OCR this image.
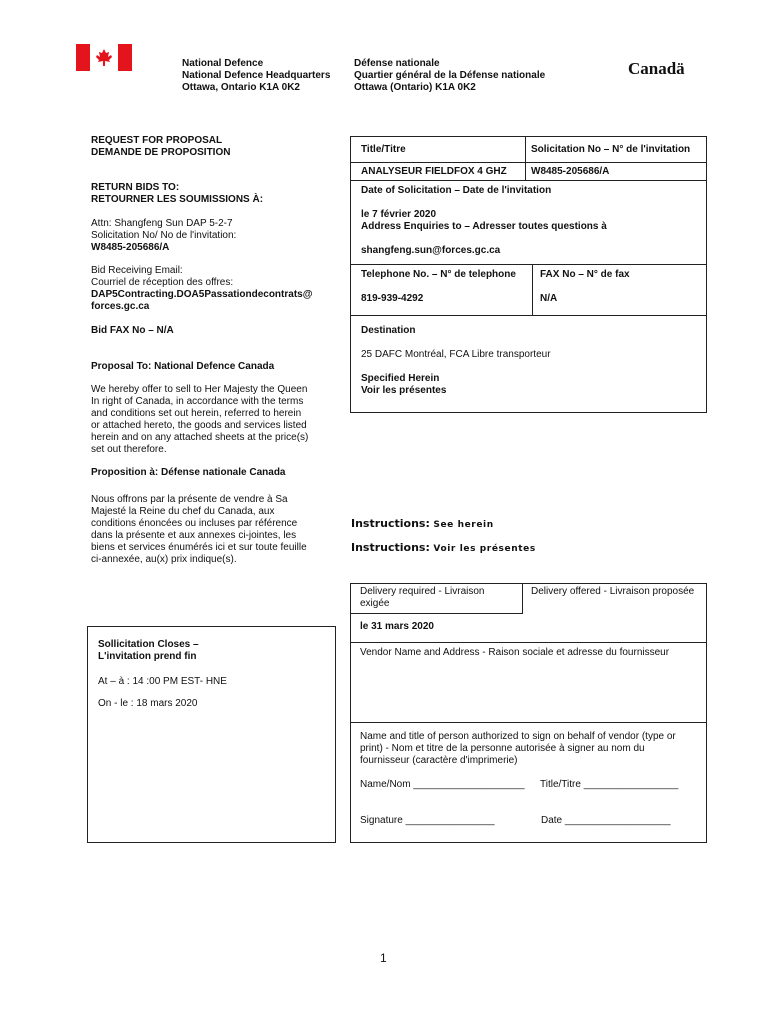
National Defence
National Defence Headquarters
Ottawa, Ontario K1A 0K2
Défense nationale
Quartier général de la Défense nationale
Ottawa (Ontario) K1A 0K2
Canadä
REQUEST FOR PROPOSAL
DEMANDE DE PROPOSITION
RETURN BIDS TO:
RETOURNER LES SOUMISSIONS À:
Attn: Shangfeng Sun DAP 5-2-7
Solicitation No/ No de l'invitation:
W8485-205686/A
Bid Receiving Email:
Courriel de réception des offres:
DAP5Contracting.DOA5Passationdecontrats@
forces.gc.ca
Bid FAX No – N/A
Proposal To: National Defence Canada
We hereby offer to sell to Her Majesty the Queen
In right of Canada, in accordance with the terms
and conditions set out herein, referred to herein
or attached hereto, the goods and services listed
herein and on any attached sheets at the price(s)
set out therefore.
Proposition à: Défense nationale Canada
Nous offrons par la présente de vendre à Sa
Majesté la Reine du chef du Canada, aux
conditions énoncées ou incluses par référence
dans la présente et aux annexes ci-jointes, les
biens et services énumérés ici et sur toute feuille
ci-annexée, au(x) prix indique(s).
Title/Titre
ANALYSEUR FIELDFOX 4 GHZ
Solicitation No – N° de l'invitation
W8485-205686/A
Date of Solicitation – Date de l'invitation
le 7 février 2020
Address Enquiries to – Adresser toutes questions à
shangfeng.sun@forces.gc.ca
Telephone No. – N° de telephone
819-939-4292
FAX No – N° de fax
N/A
Destination
25 DAFC Montréal, FCA Libre transporteur
Specified Herein
Voir les présentes
Instructions: See herein
Instructions: Voir les présentes
Sollicitation Closes –
L'invitation prend fin
At – à : 14 :00 PM EST- HNE
On - le : 18 mars 2020
Delivery required - Livraison
exigée
Delivery offered - Livraison proposée
le 31 mars 2020
Vendor Name and Address - Raison sociale et adresse du fournisseur
Name and title of person authorized to sign on behalf of vendor (type or
print) - Nom et titre de la personne autorisée à signer au nom du
fournisseur (caractère d'imprimerie)
Name/Nom ____________________ Title/Titre _________________
Signature ________________	Date ___________________
1
